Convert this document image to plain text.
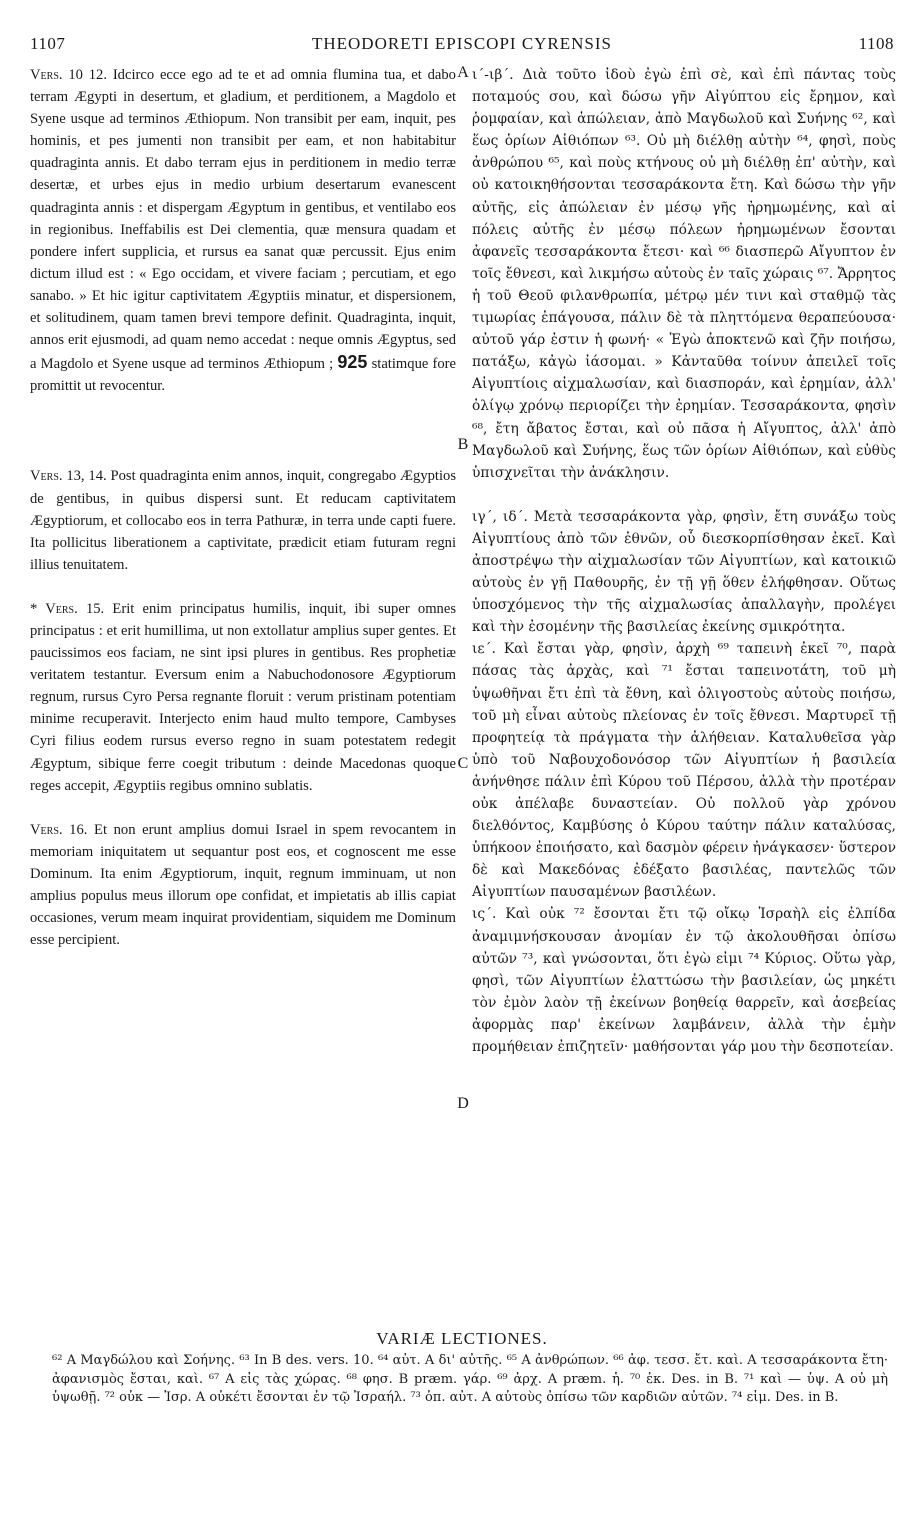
1107	THEODORETI EPISCOPI CYRENSIS	1108

Vers. 10 12. Idcirco ecce ego ad te et ad omnia flumina tua, et dabo terram Ægypti in desertum, et gladium, et perditionem, a Magdolo et Syene usque ad terminos Æthiopum. Non transibit per eam, inquit, pes hominis, et pes jumenti non transibit per eam, et non habitabitur quadraginta annis. Et dabo terram ejus in perditionem in medio terræ desertæ, et urbes ejus in medio urbium desertarum evanescent quadraginta annis : et dispergam Ægyptum in gentibus, et ventilabo eos in regionibus. Ineffabilis est Dei clementia, quæ mensura quadam et pondere infert supplicia, et rursus ea sanat quæ percussit. Ejus enim dictum illud est : « Ego occidam, et vivere faciam ; percutiam, et ego sanabo. » Et hic igitur captivitatem Ægyptiis minatur, et dispersionem, et solitudinem, quam tamen brevi tempore definit. Quadraginta, inquit, annos erit ejusmodi, ad quam nemo accedat : neque omnis Ægyptus, sed a Magdolo et Syene usque ad terminos Æthiopum ; 925 statimque fore promittit ut revocentur.

Vers. 13, 14. Post quadraginta enim annos, inquit, congregabo Ægyptios de gentibus, in quibus dispersi sunt. Et reducam captivitatem Ægyptiorum, et collocabo eos in terra Pathuræ, in terra unde capti fuere. Ita pollicitus liberationem a captivitate, prædicit etiam futuram regni illius tenuitatem.

* Vers. 15. Erit enim principatus humilis, inquit, ibi super omnes principatus : et erit humillima, ut non extollatur amplius super gentes. Et paucissimos eos faciam, ne sint ipsi plures in gentibus. Res prophetiæ veritatem testantur. Eversum enim a Nabuchodonosore Ægyptiorum regnum, rursus Cyro Persa regnante floruit : verum pristinam potentiam minime recuperavit. Interjecto enim haud multo tempore, Cambyses Cyri filius eodem rursus everso regno in suam potestatem redegit Ægyptum, sibique ferre coegit tributum : deinde Macedonas quoque reges accepit, Ægyptiis regibus omnino sublatis.

Vers. 16. Et non erunt amplius domui Israel in spem revocantem in memoriam iniquitatem ut sequantur post eos, et cognoscent me esse Dominum. Ita enim Ægyptiorum, inquit, regnum imminuam, ut non amplius populus meus illorum ope confidat, et impietatis ab illis capiat occasiones, verum meam inquirat providentiam, siquidem me Dominum esse percipient.

A
B
C
D

ι΄-ιβ΄. Διὰ τοῦτο ἰδοὺ ἐγὼ ἐπὶ σὲ, καὶ ἐπὶ πάντας τοὺς ποταμούς σου, καὶ δώσω γῆν Αἰγύπτου εἰς ἔρημον, καὶ ῥομφαίαν, καὶ ἀπώλειαν, ἀπὸ Μαγδωλοῦ καὶ Συήνης ⁶², καὶ ἕως ὁρίων Αἰθιόπων ⁶³. Οὐ μὴ διέλθῃ αὐτὴν ⁶⁴, φησὶ, ποὺς ἀνθρώπου ⁶⁵, καὶ ποὺς κτήνους οὐ μὴ διέλθῃ ἐπ' αὐτὴν, καὶ οὐ κατοικηθήσονται τεσσαράκοντα ἔτη. Καὶ δώσω τὴν γῆν αὐτῆς, εἰς ἀπώλειαν ἐν μέσῳ γῆς ἠρημωμένης, καὶ αἱ πόλεις αὐτῆς ἐν μέσῳ πόλεων ἠρημωμένων ἔσονται ἀφανεῖς τεσσαράκοντα ἔτεσι· καὶ ⁶⁶ διασπερῶ Αἴγυπτον ἐν τοῖς ἔθνεσι, καὶ λικμήσω αὐτοὺς ἐν ταῖς χώραις ⁶⁷. Ἄρρητος ἡ τοῦ Θεοῦ φιλανθρωπία, μέτρῳ μέν τινι καὶ σταθμῷ τὰς τιμωρίας ἐπάγουσα, πάλιν δὲ τὰ πληττόμενα θεραπεύουσα· αὐτοῦ γάρ ἐστιν ἡ φωνή· « Ἐγὼ ἀποκτενῶ καὶ ζῆν ποιήσω, πατάξω, κἀγὼ ἰάσομαι. » Κἀνταῦθα τοίνυν ἀπειλεῖ τοῖς Αἰγυπτίοις αἰχμαλωσίαν, καὶ διασποράν, καὶ ἐρημίαν, ἀλλ' ὀλίγῳ χρόνῳ περιορίζει τὴν ἐρημίαν. Τεσσαράκοντα, φησὶν ⁶⁸, ἔτη ἄβατος ἔσται, καὶ οὐ πᾶσα ἡ Αἴγυπτος, ἀλλ' ἀπὸ Μαγδωλοῦ καὶ Συήνης, ἕως τῶν ὁρίων Αἰθιόπων, καὶ εὐθὺς ὑπισχνεῖται τὴν ἀνάκλησιν.

ιγ΄, ιδ΄. Μετὰ τεσσαράκοντα γὰρ, φησὶν, ἔτη συνάξω τοὺς Αἰγυπτίους ἀπὸ τῶν ἐθνῶν, οὗ διεσκορπίσθησαν ἐκεῖ. Καὶ ἀποστρέψω τὴν αἰχμαλωσίαν τῶν Αἰγυπτίων, καὶ κατοικιῶ αὐτοὺς ἐν γῇ Παθουρῆς, ἐν τῇ γῇ ὅθεν ἐλήφθησαν. Οὕτως ὑποσχόμενος τὴν τῆς αἰχμαλωσίας ἀπαλλαγὴν, προλέγει καὶ τὴν ἐσομένην τῆς βασιλείας ἐκείνης σμικρότητα.

ιε΄. Καὶ ἔσται γὰρ, φησὶν, ἀρχὴ ⁶⁹ ταπεινὴ ἐκεῖ ⁷⁰, παρὰ πάσας τὰς ἀρχὰς, καὶ ⁷¹ ἔσται ταπεινοτάτη, τοῦ μὴ ὑψωθῆναι ἔτι ἐπὶ τὰ ἔθνη, καὶ ὀλιγοστοὺς αὐτοὺς ποιήσω, τοῦ μὴ εἶναι αὐτοὺς πλείονας ἐν τοῖς ἔθνεσι. Μαρτυρεῖ τῇ προφητείᾳ τὰ πράγματα τὴν ἀλήθειαν. Καταλυθεῖσα γὰρ ὑπὸ τοῦ Ναβουχοδονόσορ τῶν Αἰγυπτίων ἡ βασιλεία ἀνήνθησε πάλιν ἐπὶ Κύρου τοῦ Πέρσου, ἀλλὰ τὴν προτέραν οὐκ ἀπέλαβε δυναστείαν. Οὐ πολλοῦ γὰρ χρόνου διελθόντος, Καμβύσης ὁ Κύρου ταύτην πάλιν καταλύσας, ὑπήκοον ἐποιήσατο, καὶ δασμὸν φέρειν ἠνάγκασεν· ὕστερον δὲ καὶ Μακεδόνας ἐδέξατο βασιλέας, παντελῶς τῶν Αἰγυπτίων παυσαμένων βασιλέων.

ις΄. Καὶ οὐκ ⁷² ἔσονται ἔτι τῷ οἴκῳ Ἰσραὴλ εἰς ἐλπίδα ἀναμιμνήσκουσαν ἀνομίαν ἐν τῷ ἀκολουθῆσαι ὀπίσω αὐτῶν ⁷³, καὶ γνώσονται, ὅτι ἐγὼ εἰμι ⁷⁴ Κύριος. Οὕτω γὰρ, φησὶ, τῶν Αἰγυπτίων ἐλαττώσω τὴν βασιλείαν, ὡς μηκέτι τὸν ἐμὸν λαὸν τῇ ἐκείνων βοηθείᾳ θαρρεῖν, καὶ ἀσεβείας ἀφορμὰς παρ' ἐκείνων λαμβάνειν, ἀλλὰ τὴν ἐμὴν προμήθειαν ἐπιζητεῖν· μαθήσονται γάρ μου τὴν δεσποτείαν.

VARIÆ LECTIONES.

⁶² A Μαγδώλου καὶ Σοήνης. ⁶³ In B des. vers. 10. ⁶⁴ αὐτ. A δι' αὐτῆς. ⁶⁵ A ἀνθρώπων. ⁶⁶ ἀφ. τεσσ. ἔτ. καὶ. A τεσσαράκοντα ἔτη· ἀφανισμὸς ἔσται, καὶ. ⁶⁷ A εἰς τὰς χώρας. ⁶⁸ φησ. B præm. γάρ. ⁶⁹ ἀρχ. A præm. ἡ. ⁷⁰ ἐκ. Des. in B. ⁷¹ καὶ — ὑψ. A οὐ μὴ ὑψωθῇ. ⁷² οὐκ — Ἰσρ. A οὐκέτι ἔσονται ἐν τῷ Ἰσραήλ. ⁷³ ὀπ. αὐτ. A αὐτοὺς ὀπίσω τῶν καρδιῶν αὐτῶν. ⁷⁴ εἰμ. Des. in B.
